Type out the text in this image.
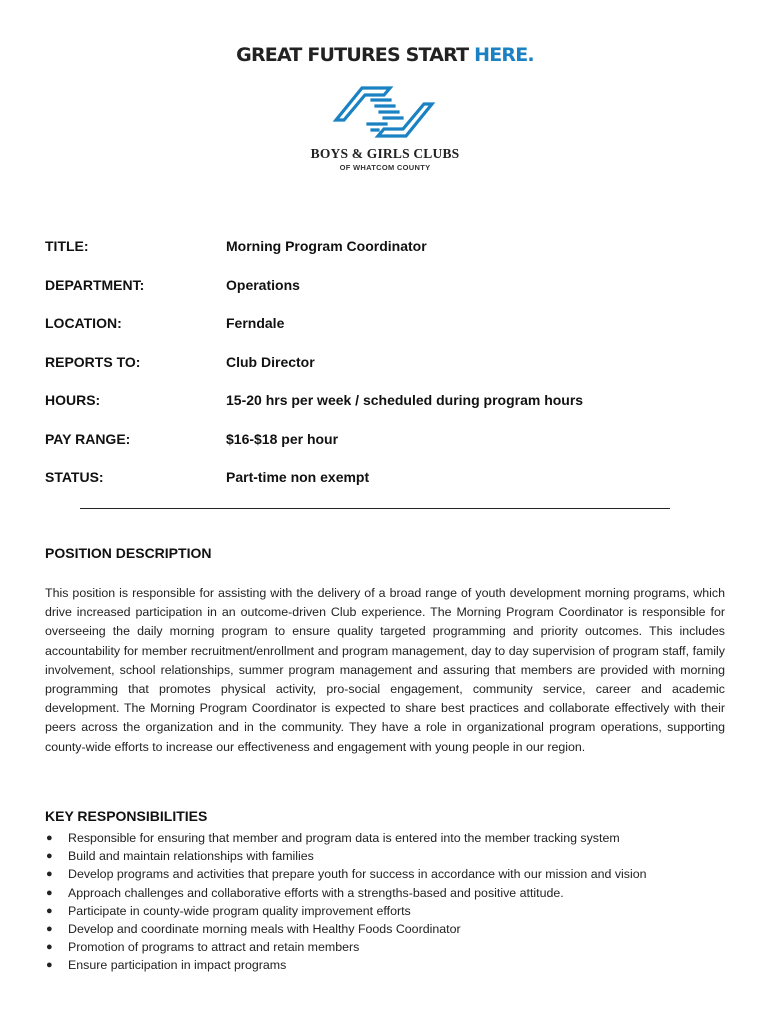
GREAT FUTURES START HERE.
BOYS & GIRLS CLUBS
OF WHATCOM COUNTY
TITLE:	Morning Program Coordinator
DEPARTMENT:	Operations
LOCATION:	Ferndale
REPORTS TO:	Club Director
HOURS:	15-20 hrs per week / scheduled during program hours
PAY RANGE:	$16-$18 per hour
STATUS:	Part-time non exempt
POSITION DESCRIPTION

This position is responsible for assisting with the delivery of a broad range of youth development morning programs, which drive increased participation in an outcome-driven Club experience. The Morning Program Coordinator is responsible for overseeing the daily morning program to ensure quality targeted programming and priority outcomes. This includes accountability for member recruitment/enrollment and program management, day to day supervision of program staff, family involvement, school relationships, summer program management and assuring that members are provided with morning programming that promotes physical activity, pro-social engagement, community service, career and academic development. The Morning Program Coordinator is expected to share best practices and collaborate effectively with their peers across the organization and in the community. They have a role in organizational program operations, supporting county-wide efforts to increase our effectiveness and engagement with young people in our region.

KEY RESPONSIBILITIES
● Responsible for ensuring that member and program data is entered into the member tracking system
● Build and maintain relationships with families
● Develop programs and activities that prepare youth for success in accordance with our mission and vision
● Approach challenges and collaborative efforts with a strengths-based and positive attitude.
● Participate in county-wide program quality improvement efforts
● Develop and coordinate morning meals with Healthy Foods Coordinator
● Promotion of programs to attract and retain members
● Ensure participation in impact programs
